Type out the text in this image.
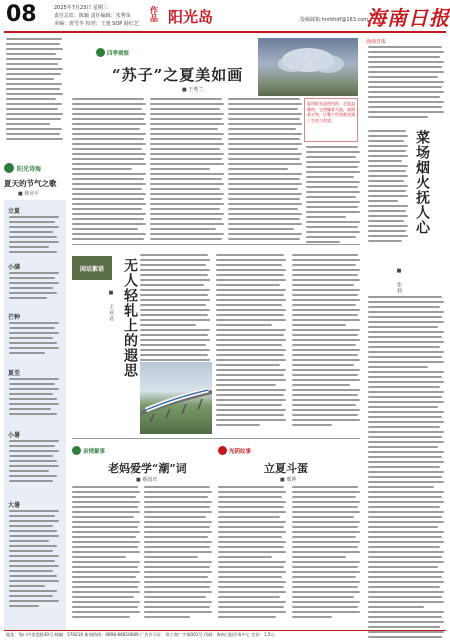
08	2025年7月23日 星期三
责任总监：陈颖 责任编辑：朱秀凤
美编：唐雪冬 校对：王逸 SOP 薛红艺
作品 阳光岛	投稿邮箱:hnrbhdf@163.com
海南日报
阳光诗海
夏天的节气之歌
■ 林应平
立夏
小满
芒种
夏至
小暑
大暑
四季观察
“苏子”之夏美如画
■ 王秀兰
夏的阳光是热烈的，也是温暖的，它照耀着大地，滋润着万物，让整个世界都充满了生机与希望。
海南日报
菜场烟火抚人心
■ 张莉
闲话絮语 无人轻轧上的遐思
■ 王亚君
亲情絮事
老妈爱学“潮”词
■ 蔡国庆
光阴纹事
立夏斗蛋
■ 邢仲
地址：海口市金盘路30号 邮编：570216 新闻热线：0898-66810666 广告许可证：琼工商广字第001号 印刷：海南日报印务中心 定价：1.5元
